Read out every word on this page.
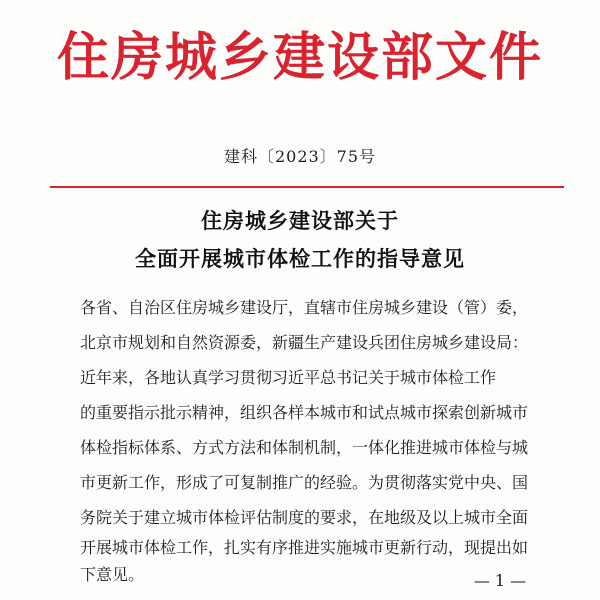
住房城乡建设部文件
建科〔2023〕75号
住房城乡建设部关于
全面开展城市体检工作的指导意见
各省、自治区住房城乡建设厅，直辖市住房城乡建设（管）委，
北京市规划和自然资源委，新疆生产建设兵团住房城乡建设局：
近年来，各地认真学习贯彻习近平总书记关于城市体检工作
的重要指示批示精神，组织各样本城市和试点城市探索创新城市
体检指标体系、方式方法和体制机制，一体化推进城市体检与城
市更新工作，形成了可复制推广的经验。为贯彻落实党中央、国
务院关于建立城市体检评估制度的要求，在地级及以上城市全面
开展城市体检工作，扎实有序推进实施城市更新行动，现提出如
下意见。	— 1 —
